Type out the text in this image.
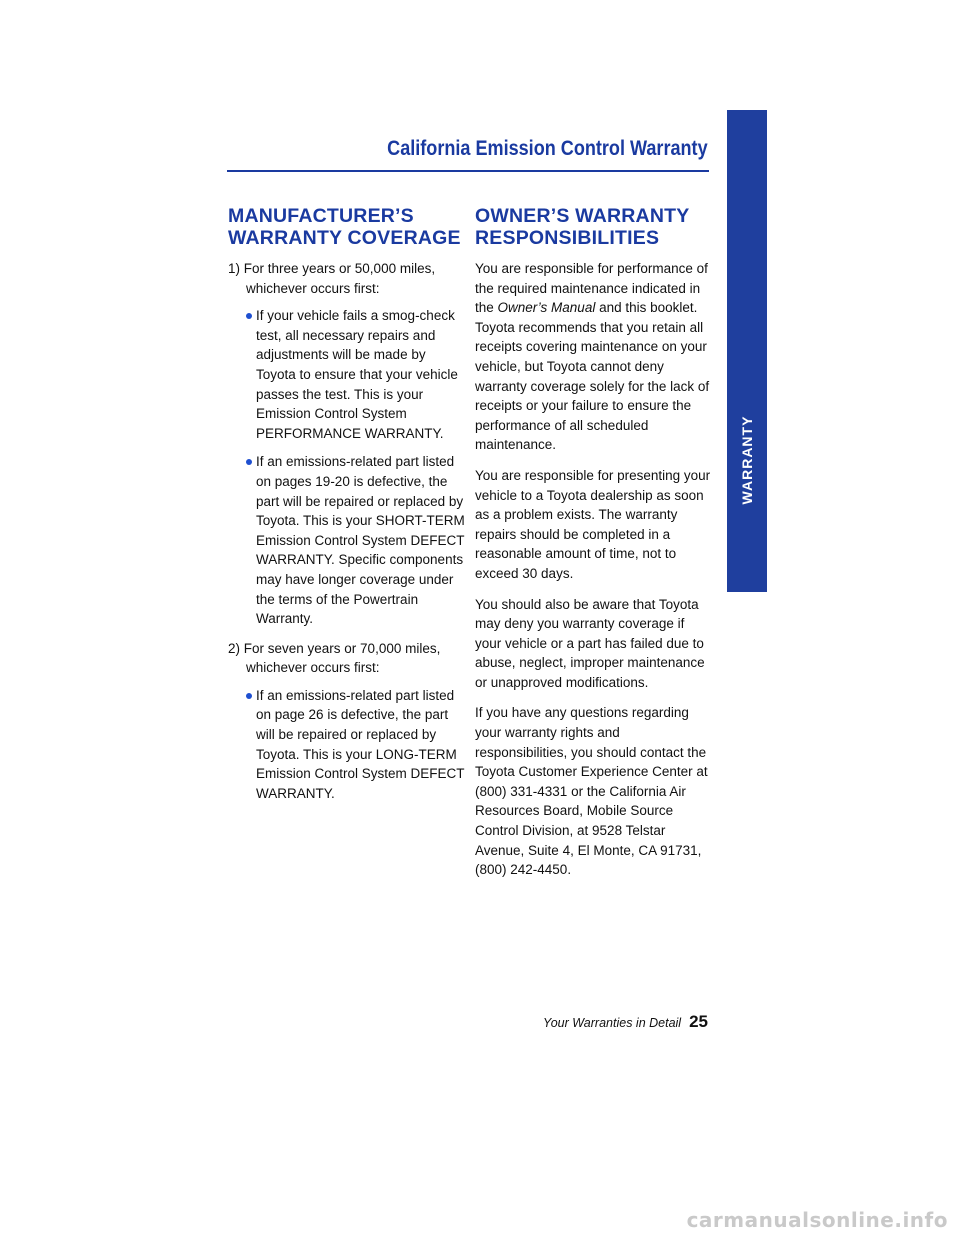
WARRANTY
California Emission Control Warranty
MANUFACTURER’S
WARRANTY COVERAGE

1) For three years or 50,000 miles, whichever occurs first:

If your vehicle fails a smog-check test, all necessary repairs and adjustments will be made by Toyota to ensure that your vehicle passes the test. This is your Emission Control System PERFORMANCE WARRANTY.

If an emissions-related part listed on pages 19-20 is defective, the part will be repaired or replaced by Toyota. This is your SHORT-TERM Emission Control System DEFECT WARRANTY. Specific components may have longer coverage under the terms of the Powertrain Warranty.

2) For seven years or 70,000 miles, whichever occurs first:

If an emissions-related part listed on page 26 is defective, the part will be repaired or replaced by Toyota. This is your LONG-TERM Emission Control System DEFECT WARRANTY.

OWNER’S WARRANTY
RESPONSIBILITIES

You are responsible for performance of the required maintenance indicated in the Owner’s Manual and this booklet. Toyota recommends that you retain all receipts covering maintenance on your vehicle, but Toyota cannot deny warranty coverage solely for the lack of receipts or your failure to ensure the performance of all scheduled maintenance.

You are responsible for presenting your vehicle to a Toyota dealership as soon as a problem exists. The warranty repairs should be completed in a reasonable amount of time, not to exceed 30 days.

You should also be aware that Toyota may deny you warranty coverage if your vehicle or a part has failed due to abuse, neglect, improper maintenance or unapproved modifications.

If you have any questions regarding your warranty rights and responsibilities, you should contact the Toyota Customer Experience Center at (800) 331-4331 or the California Air Resources Board, Mobile Source Control Division, at 9528 Telstar Avenue, Suite 4, El Monte, CA 91731, (800) 242-4450.

Your Warranties in Detail 25
carmanualsonline.info
